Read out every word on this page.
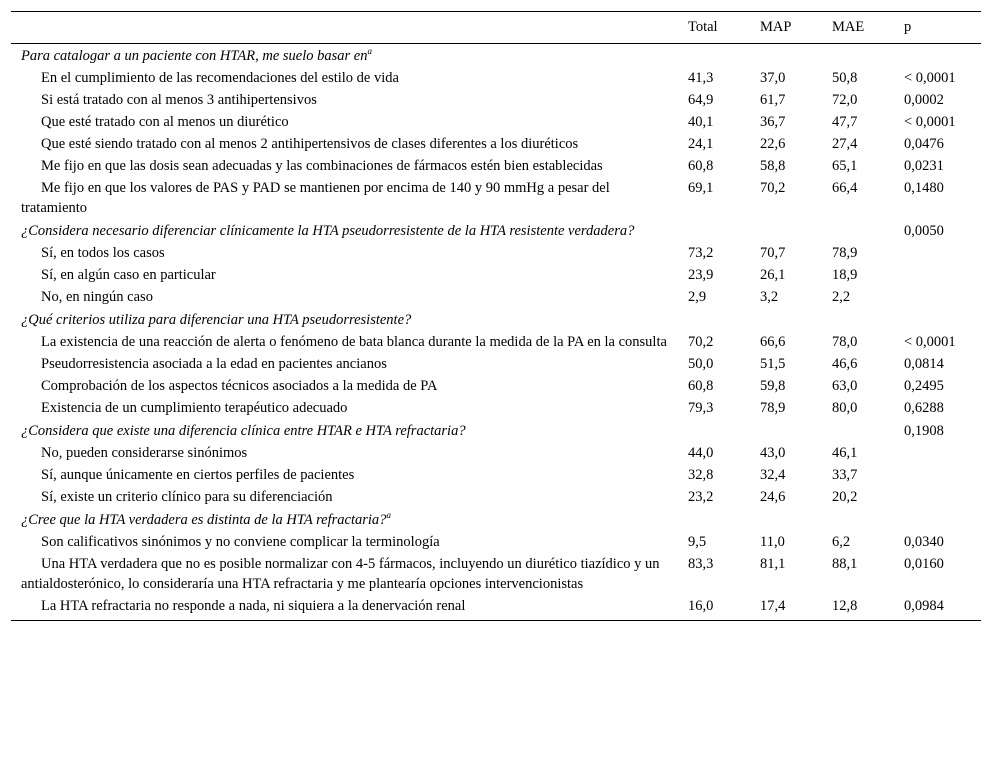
	Total	MAP	MAE	p
Para catalogar a un paciente con HTAR, me suelo basar $en^a$				
En el cumplimiento de las recomendaciones del estilo de vida	41,3	37,0	50,8	< 0,0001
Si está tratado con al menos 3 antihipertensivos	64,9	61,7	72,0	0,0002
Que esté tratado con al menos un diurético	40,1	36,7	47,7	< 0,0001
Que esté siendo tratado con al menos 2 antihipertensivos de clases diferentes a los diuréticos	24,1	22,6	27,4	0,0476
Me fijo en que las dosis sean adecuadas y las combinaciones de fármacos estén bien establecidas	60,8	58,8	65,1	0,0231
Me fijo en que los valores de PAS y PAD se mantienen por encima de 140 y 90 mmHg a pesar del tratamiento	69,1	70,2	66,4	0,1480
¿Considera necesario diferenciar clínicamente la HTA pseudorresistente de la HTA resistente verdadera?				0,0050
Sí, en todos los casos	73,2	70,7	78,9	
Sí, en algún caso en particular	23,9	26,1	18,9	
No, en ningún caso	2,9	3,2	2,2	
¿Qué criterios utiliza para diferenciar una HTA pseudorresistente?				
La existencia de una reacción de alerta o fenómeno de bata blanca durante la medida de la PA en la consulta	70,2	66,6	78,0	< 0,0001
Pseudorresistencia asociada a la edad en pacientes ancianos	50,0	51,5	46,6	0,0814
Comprobación de los aspectos técnicos asociados a la medida de PA	60,8	59,8	63,0	0,2495
Existencia de un cumplimiento terapéutico adecuado	79,3	78,9	80,0	0,6288
¿Considera que existe una diferencia clínica entre HTAR e HTA refractaria?				0,1908
No, pueden considerarse sinónimos	44,0	43,0	46,1	
Sí, aunque únicamente en ciertos perfiles de pacientes	32,8	32,4	33,7	
Sí, existe un criterio clínico para su diferenciación	23,2	24,6	20,2	
¿Cree que la HTA verdadera es distinta de la HTA refractaria?$^a$				
Son calificativos sinónimos y no conviene complicar la terminología	9,5	11,0	6,2	0,0340
Una HTA verdadera que no es posible normalizar con 4-5 fármacos, incluyendo un diurético tiazídico y un antialdosterónico, lo consideraría una HTA refractaria y me plantearía opciones intervencionistas	83,3	81,1	88,1	0,0160
La HTA refractaria no responde a nada, ni siquiera a la denervación renal	16,0	17,4	12,8	0,0984
